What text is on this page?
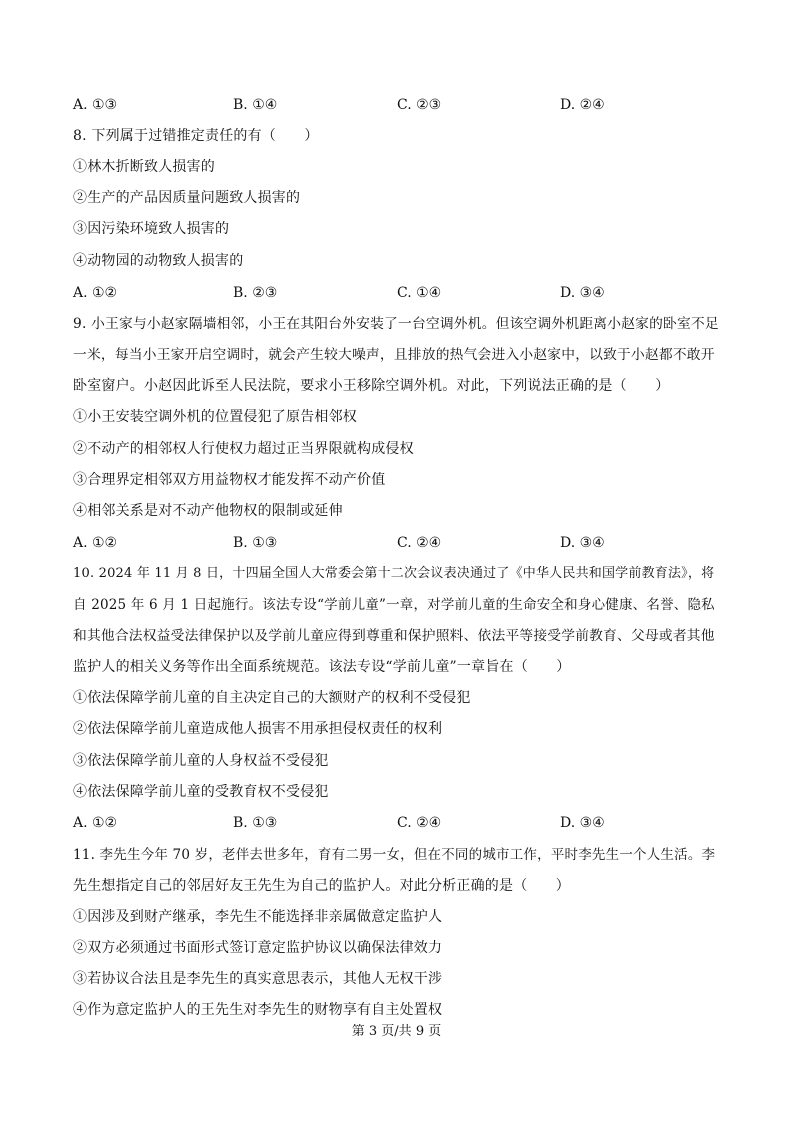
A. ①③	B. ①④	C. ②③	D. ②④
8. 下列属于过错推定责任的有（　　）
①林木折断致人损害的
②生产的产品因质量问题致人损害的
③因污染环境致人损害的
④动物园的动物致人损害的
A. ①②	B. ②③	C. ①④	D. ③④
9. 小王家与小赵家隔墙相邻，小王在其阳台外安装了一台空调外机。但该空调外机距离小赵家的卧室不足
一米，每当小王家开启空调时，就会产生较大噪声，且排放的热气会进入小赵家中，以致于小赵都不敢开
卧室窗户。小赵因此诉至人民法院，要求小王移除空调外机。对此，下列说法正确的是（　　）
①小王安装空调外机的位置侵犯了原告相邻权
②不动产的相邻权人行使权力超过正当界限就构成侵权
③合理界定相邻双方用益物权才能发挥不动产价值
④相邻关系是对不动产他物权的限制或延伸
A. ①②	B. ①③	C. ②④	D. ③④
10. 2024 年 11 月 8 日，十四届全国人大常委会第十二次会议表决通过了《中华人民共和国学前教育法》，将
自 2025 年 6 月 1 日起施行。该法专设“学前儿童”一章，对学前儿童的生命安全和身心健康、名誉、隐私
和其他合法权益受法律保护以及学前儿童应得到尊重和保护照料、依法平等接受学前教育、父母或者其他
监护人的相关义务等作出全面系统规范。该法专设“学前儿童”一章旨在（　　）
①依法保障学前儿童的自主决定自己的大额财产的权利不受侵犯
②依法保障学前儿童造成他人损害不用承担侵权责任的权利
③依法保障学前儿童的人身权益不受侵犯
④依法保障学前儿童的受教育权不受侵犯
A. ①②	B. ①③	C. ②④	D. ③④
11. 李先生今年 70 岁，老伴去世多年，育有二男一女，但在不同的城市工作，平时李先生一个人生活。李
先生想指定自己的邻居好友王先生为自己的监护人。对此分析正确的是（　　）
①因涉及到财产继承，李先生不能选择非亲属做意定监护人
②双方必须通过书面形式签订意定监护协议以确保法律效力
③若协议合法且是李先生的真实意思表示，其他人无权干涉
④作为意定监护人的王先生对李先生的财物享有自主处置权
第 3 页/共 9 页
